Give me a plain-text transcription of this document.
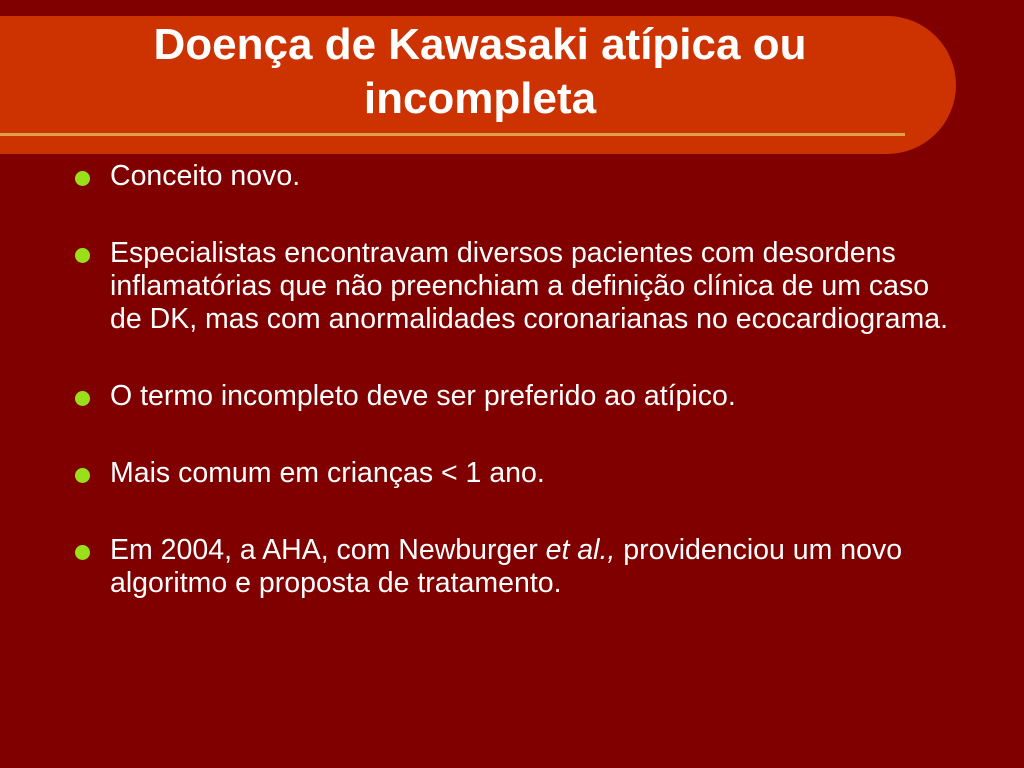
Doença de Kawasaki atípica ou
incompleta
Conceito novo.
Especialistas encontravam diversos pacientes com desordens inflamatórias que não preenchiam a definição clínica de um caso de DK, mas com anormalidades coronarianas no ecocardiograma.
O termo incompleto deve ser preferido ao atípico.
Mais comum em crianças < 1 ano.
Em 2004, a AHA, com Newburger et al., providenciou um novo algoritmo e proposta de tratamento.
